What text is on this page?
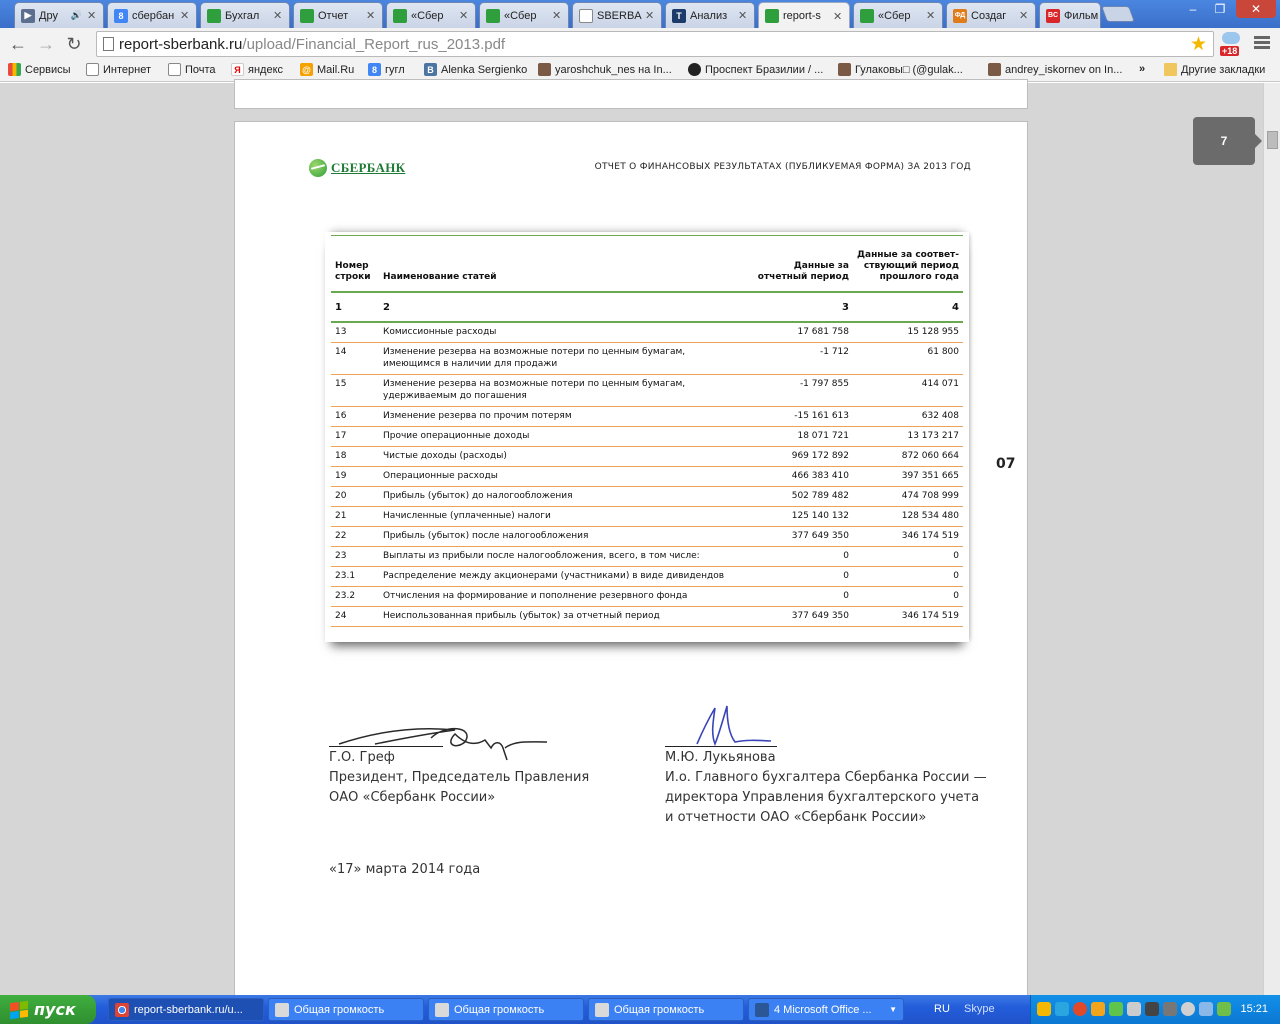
▶ Дру	🔊 ✕	8 сбербан ✕	Бухгал	✕	Отчет	✕	«Сбер	✕	«Сбер	✕	SBERBA ✕	T Анализ ✕	report-s	✕	«Сбер	✕	ФД Создаг	✕	BC Фильм	–	❐	✕
← → ↻ report-sberbank.ru/upload/Financial_Report_rus_2013.pdf	★ +18
Сервисы	Интернет	Почта	Я яндекс @ Mail.Ru	8 гугл	B Alenka Sergienko	yaroshchuk_nes на In...	Проспект Бразилии / ...	Гулаковы□ (@gulak...	andrey_iskornev on In... »	Другие закладки
СБЕРБАНК	ОТЧЕТ О ФИНАНСОВЫХ РЕЗУЛЬТАТАХ (ПУБЛИКУЕМАЯ ФОРМА) ЗА 2013 ГОД
07
Номер строки	Наименование статей	Данные за отчетный период	Данные за соответ- ствующий период прошлого года
1	2	3	4
13	Комиссионные расходы	17 681 758	15 128 955
14	Изменение резерва на возможные потери по ценным бумагам, имеющимся в наличии для продажи	-1 712	61 800
15	Изменение резерва на возможные потери по ценным бумагам, удерживаемым до погашения	-1 797 855	414 071
16	Изменение резерва по прочим потерям	-15 161 613	632 408
17	Прочие операционные доходы	18 071 721	13 173 217
18	Чистые доходы (расходы)	969 172 892	872 060 664
19	Операционные расходы	466 383 410	397 351 665
20	Прибыль (убыток) до налогообложения	502 789 482	474 708 999
21	Начисленные (уплаченные) налоги	125 140 132	128 534 480
22	Прибыль (убыток) после налогообложения	377 649 350	346 174 519
23	Выплаты из прибыли после налогообложения, всего, в том числе:	0	0
23.1	Распределение между акционерами (участниками) в виде дивидендов	0	0
23.2	Отчисления на формирование и пополнение резервного фонда	0	0
24	Неиспользованная прибыль (убыток) за отчетный период	377 649 350	346 174 519
Г.О. Греф
Президент, Председатель Правления
ОАО «Сбербанк России»
М.Ю. Лукьянова
И.о. Главного бухгалтера Сбербанка России —
директора Управления бухгалтерского учета
и отчетности ОАО «Сбербанк России»
«17» марта 2014 года
7
пуск	report-sberbank.ru/u...	Общая громкость	Общая громкость	Общая громкость	4 Microsoft Office ... ▼	RU Skype	15:21
